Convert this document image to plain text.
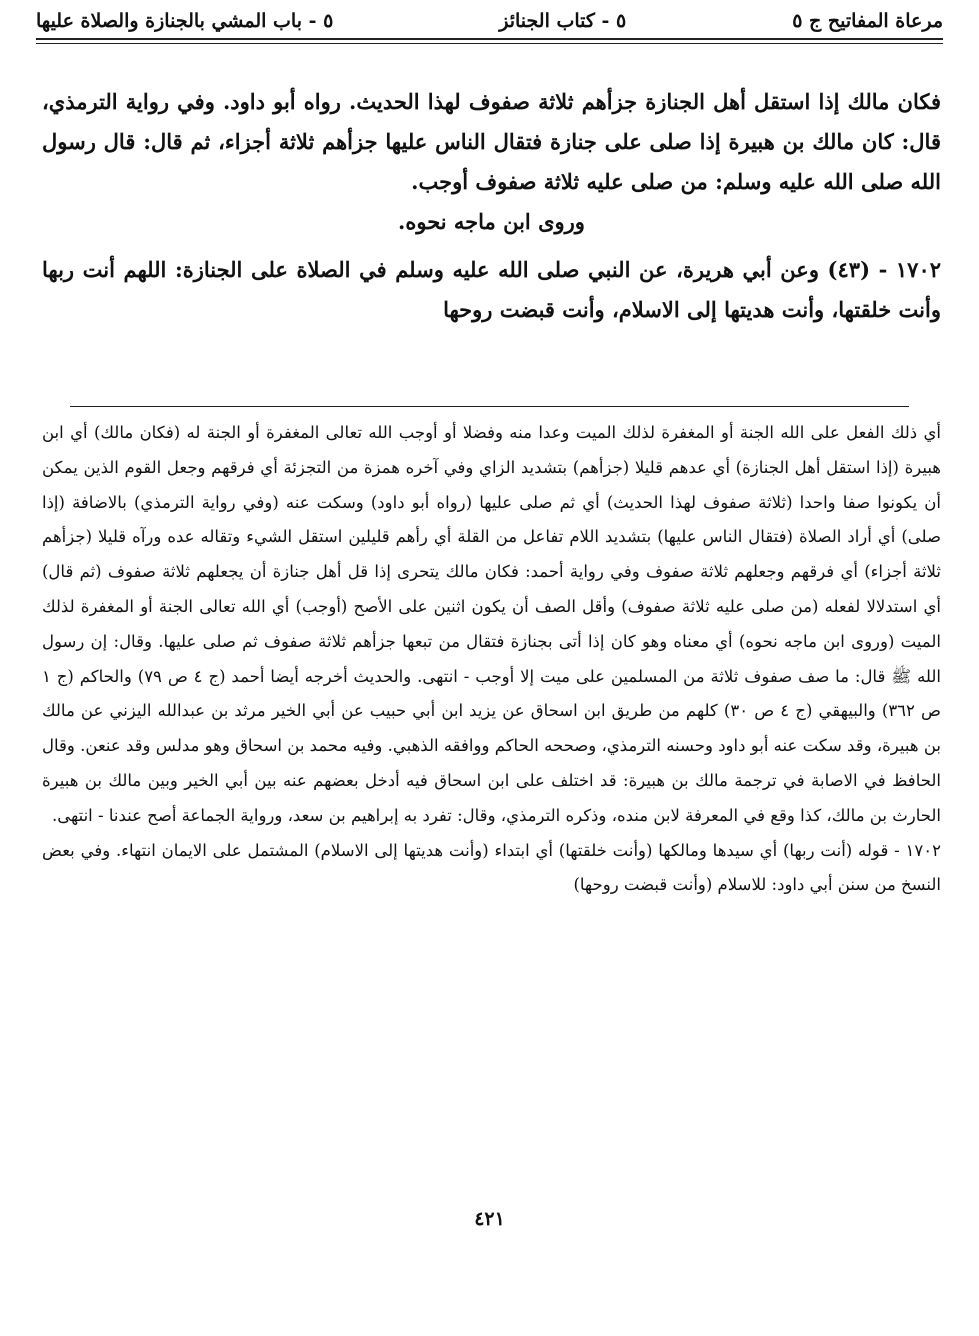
مرعاة المفاتيح ج ٥
٥ - كتاب الجنائز
٥ - باب المشي بالجنازة والصلاة عليها

فكان مالك إذا استقل أهل الجنازة جزأهم ثلاثة صفوف لهذا الحديث. رواه أبو داود. وفي رواية الترمذي، قال: كان مالك بن هبيرة إذا صلى على جنازة فتقال الناس عليها جزأهم ثلاثة أجزاء، ثم قال: قال رسول الله صلى الله عليه وسلم: من صلى عليه ثلاثة صفوف أوجب.

وروى ابن ماجه نحوه.

١٧٠٢ - (٤٣) وعن أبي هريرة، عن النبي صلى الله عليه وسلم في الصلاة على الجنازة: اللهم أنت ربها وأنت خلقتها، وأنت هديتها إلى الاسلام، وأنت قبضت روحها

أي ذلك الفعل على الله الجنة أو المغفرة لذلك الميت وعدا منه وفضلا أو أوجب الله تعالى المغفرة أو الجنة له (فكان مالك) أي ابن هبيرة (إذا استقل أهل الجنازة) أي عدهم قليلا (جزأهم) بتشديد الزاي وفي آخره همزة من التجزئة أي فرقهم وجعل القوم الذين يمكن أن يكونوا صفا واحدا (ثلاثة صفوف لهذا الحديث) أي ثم صلى عليها (رواه أبو داود) وسكت عنه (وفي رواية الترمذي) بالاضافة (إذا صلى) أي أراد الصلاة (فتقال الناس عليها) بتشديد اللام تفاعل من القلة أي رأهم قليلين استقل الشيء وتقاله عده ورآه قليلا (جزأهم ثلاثة أجزاء) أي فرقهم وجعلهم ثلاثة صفوف وفي رواية أحمد: فكان مالك يتحرى إذا قل أهل جنازة أن يجعلهم ثلاثة صفوف (ثم قال) أي استدلالا لفعله (من صلى عليه ثلاثة صفوف) وأقل الصف أن يكون اثنين على الأصح (أوجب) أي الله تعالى الجنة أو المغفرة لذلك الميت (وروى ابن ماجه نحوه) أي معناه وهو كان إذا أتى بجنازة فتقال من تبعها جزأهم ثلاثة صفوف ثم صلى عليها. وقال: إن رسول الله ﷺ قال: ما صف صفوف ثلاثة من المسلمين على ميت إلا أوجب - انتهى. والحديث أخرجه أيضا أحمد (ج ٤ ص ٧٩) والحاكم (ج ١ ص ٣٦٢) والبيهقي (ج ٤ ص ٣٠) كلهم من طريق ابن اسحاق عن يزيد ابن أبي حبيب عن أبي الخير مرثد بن عبدالله اليزني عن مالك بن هبيرة، وقد سكت عنه أبو داود وحسنه الترمذي، وصححه الحاكم ووافقه الذهبي. وفيه محمد بن اسحاق وهو مدلس وقد عنعن. وقال الحافظ في الاصابة في ترجمة مالك بن هبيرة: قد اختلف على ابن اسحاق فيه أدخل بعضهم عنه بين أبي الخير وبين مالك بن هبيرة الحارث بن مالك، كذا وقع في المعرفة لابن منده، وذكره الترمذي، وقال: تفرد به إبراهيم بن سعد، ورواية الجماعة أصح عندنا - انتهى.

١٧٠٢ - قوله (أنت ربها) أي سيدها ومالكها (وأنت خلقتها) أي ابتداء (وأنت هديتها إلى الاسلام) المشتمل على الايمان انتهاء. وفي بعض النسخ من سنن أبي داود: للاسلام (وأنت قبضت روحها)

٤٢١
